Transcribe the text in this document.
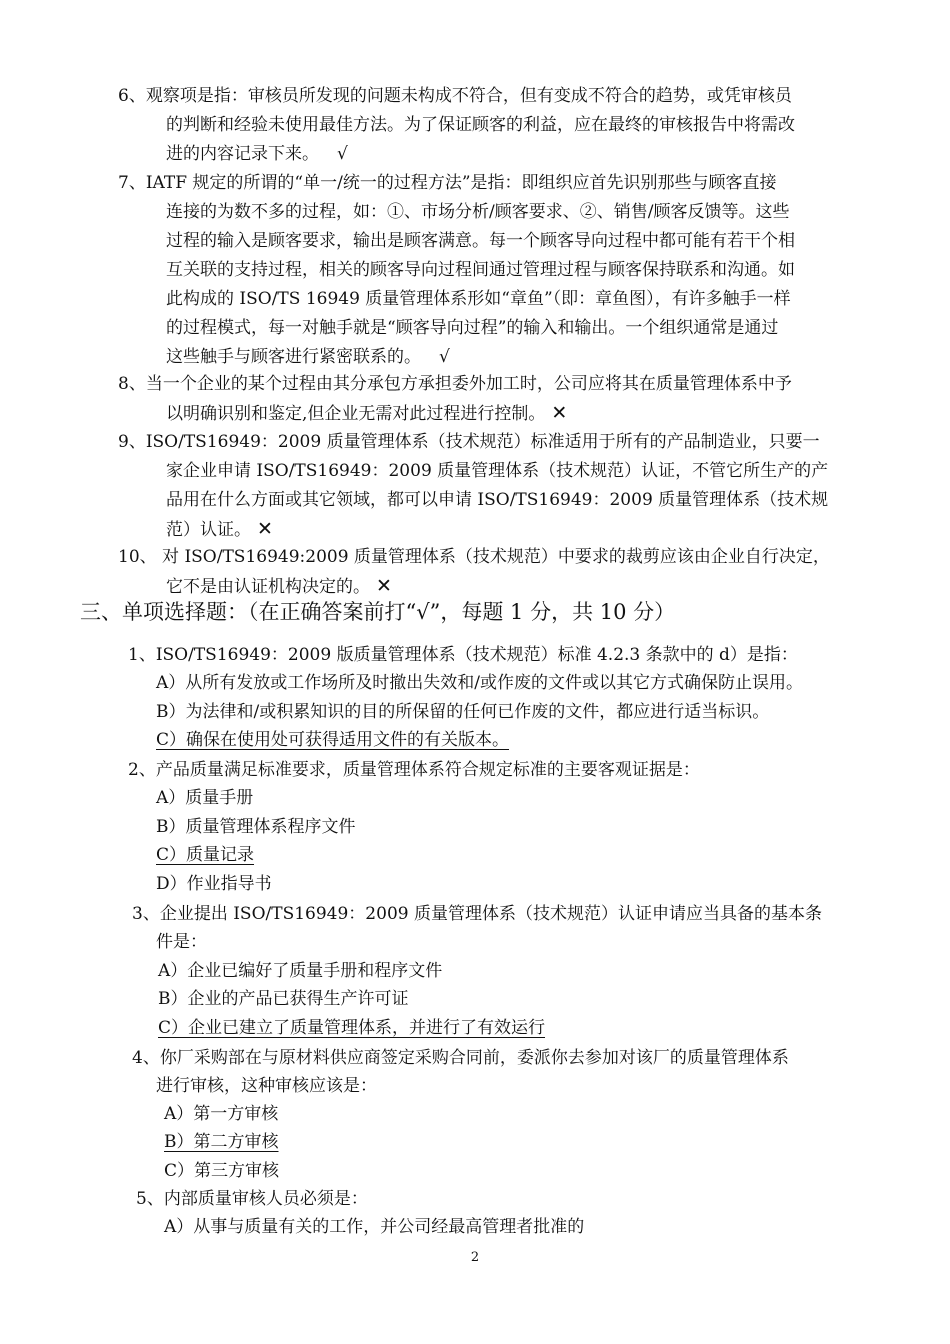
6、观察项是指：审核员所发现的问题未构成不符合，但有变成不符合的趋势，或凭审核员
的判断和经验未使用最佳方法。为了保证顾客的利益，应在最终的审核报告中将需改
进的内容记录下来。 √
7、IATF 规定的所谓的“单一/统一的过程方法”是指：即组织应首先识别那些与顾客直接
连接的为数不多的过程，如：①、市场分析/顾客要求、②、销售/顾客反馈等。这些
过程的输入是顾客要求，输出是顾客满意。每一个顾客导向过程中都可能有若干个相
互关联的支持过程，相关的顾客导向过程间通过管理过程与顾客保持联系和沟通。如
此构成的 ISO/TS 16949 质量管理体系形如“章鱼”（即：章鱼图），有许多触手一样
的过程模式，每一对触手就是“顾客导向过程”的输入和输出。一个组织通常是通过
这些触手与顾客进行紧密联系的。 √
8、当一个企业的某个过程由其分承包方承担委外加工时，公司应将其在质量管理体系中予
以明确识别和鉴定,但企业无需对此过程进行控制。 ✕
9、ISO/TS16949：2009 质量管理体系（技术规范）标准适用于所有的产品制造业，只要一
家企业申请 ISO/TS16949：2009 质量管理体系（技术规范）认证，不管它所生产的产
品用在什么方面或其它领域，都可以申请 ISO/TS16949：2009 质量管理体系（技术规
范）认证。 ✕
10、 对 ISO/TS16949:2009 质量管理体系（技术规范）中要求的裁剪应该由企业自行决定，
它不是由认证机构决定的。 ✕
三、单项选择题：（在正确答案前打“√”，每题 1 分，共 10 分）
1、ISO/TS16949：2009 版质量管理体系（技术规范）标准 4.2.3 条款中的 d）是指：
A）从所有发放或工作场所及时撤出失效和/或作废的文件或以其它方式确保防止误用。
B）为法律和/或积累知识的目的所保留的任何已作废的文件，都应进行适当标识。
C）确保在使用处可获得适用文件的有关版本。
2、产品质量满足标准要求，质量管理体系符合规定标准的主要客观证据是：
A）质量手册
B）质量管理体系程序文件
C）质量记录
D）作业指导书
3、企业提出 ISO/TS16949：2009 质量管理体系（技术规范）认证申请应当具备的基本条
件是：
A）企业已编好了质量手册和程序文件
B）企业的产品已获得生产许可证
C）企业已建立了质量管理体系，并进行了有效运行
4、你厂采购部在与原材料供应商签定采购合同前，委派你去参加对该厂的质量管理体系
进行审核，这种审核应该是：
A）第一方审核
B）第二方审核
C）第三方审核
5、内部质量审核人员必须是：
A）从事与质量有关的工作，并公司经最高管理者批准的
2
